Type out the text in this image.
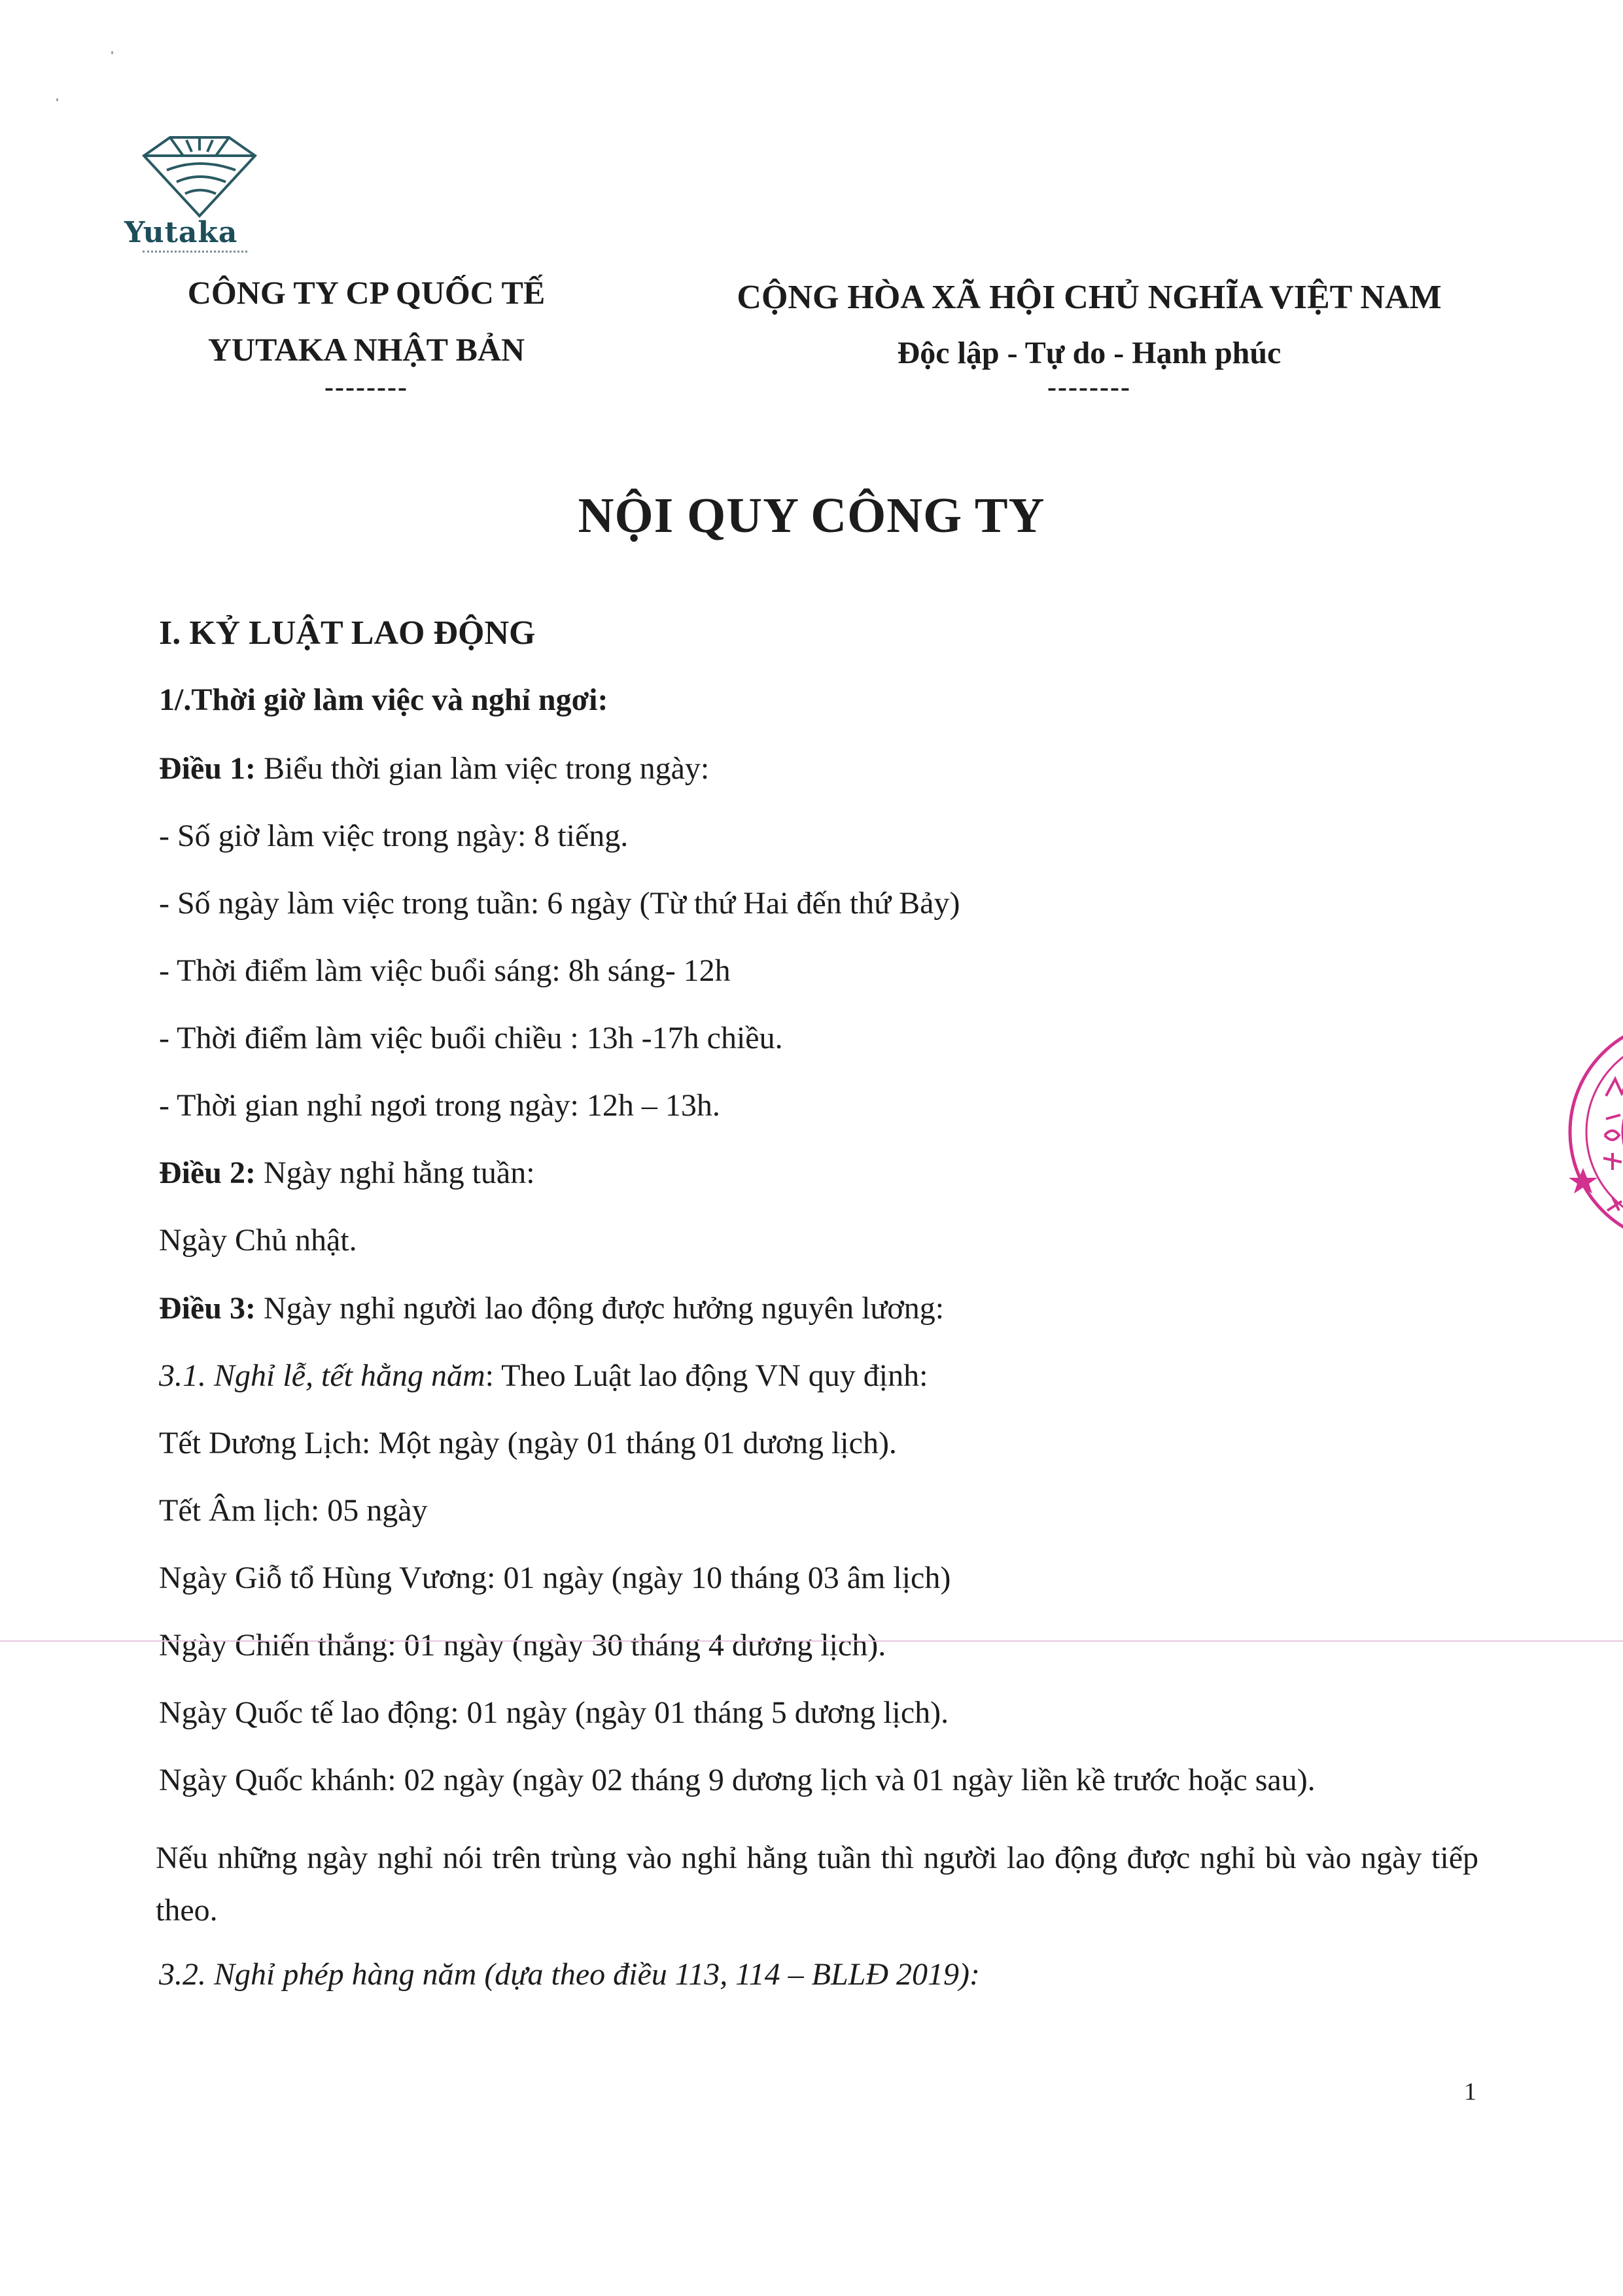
Yutaka
CÔNG TY CP QUỐC TẾ
YUTAKA NHẬT BẢN
--------
CỘNG HÒA XÃ HỘI CHỦ NGHĨA VIỆT NAM
Độc lập - Tự do - Hạnh phúc
--------
NỘI QUY CÔNG TY
I. KỶ LUẬT LAO ĐỘNG
1/.Thời giờ làm việc và nghỉ ngơi:
Điều 1: Biểu thời gian làm việc trong ngày:
- Số giờ làm việc trong ngày: 8 tiếng.
- Số ngày làm việc trong tuần: 6 ngày (Từ thứ Hai đến thứ Bảy)
- Thời điểm làm việc buổi sáng: 8h sáng- 12h
- Thời điểm làm việc buổi chiều : 13h -17h chiều.
- Thời gian nghỉ ngơi trong ngày: 12h – 13h.
Điều 2: Ngày nghỉ hằng tuần:
Ngày Chủ nhật.
Điều 3: Ngày nghỉ người lao động được hưởng nguyên lương:
3.1. Nghỉ lễ, tết hằng năm: Theo Luật lao động VN quy định:
Tết Dương Lịch: Một ngày (ngày 01 tháng 01 dương lịch).
Tết Âm lịch: 05 ngày
Ngày Giỗ tổ Hùng Vương: 01 ngày (ngày 10 tháng 03 âm lịch)
Ngày Chiến thắng: 01 ngày (ngày 30 tháng 4 dương lịch).
Ngày Quốc tế lao động: 01 ngày (ngày 01 tháng 5 dương lịch).
Ngày Quốc khánh: 02 ngày (ngày 02 tháng 9 dương lịch và 01 ngày liền kề trước hoặc sau).
Nếu những ngày nghỉ nói trên trùng vào nghỉ hằng tuần thì người lao động được nghỉ bù vào ngày tiếp theo.
3.2. Nghỉ phép hàng năm (dựa theo điều 113, 114 – BLLĐ 2019):
1
